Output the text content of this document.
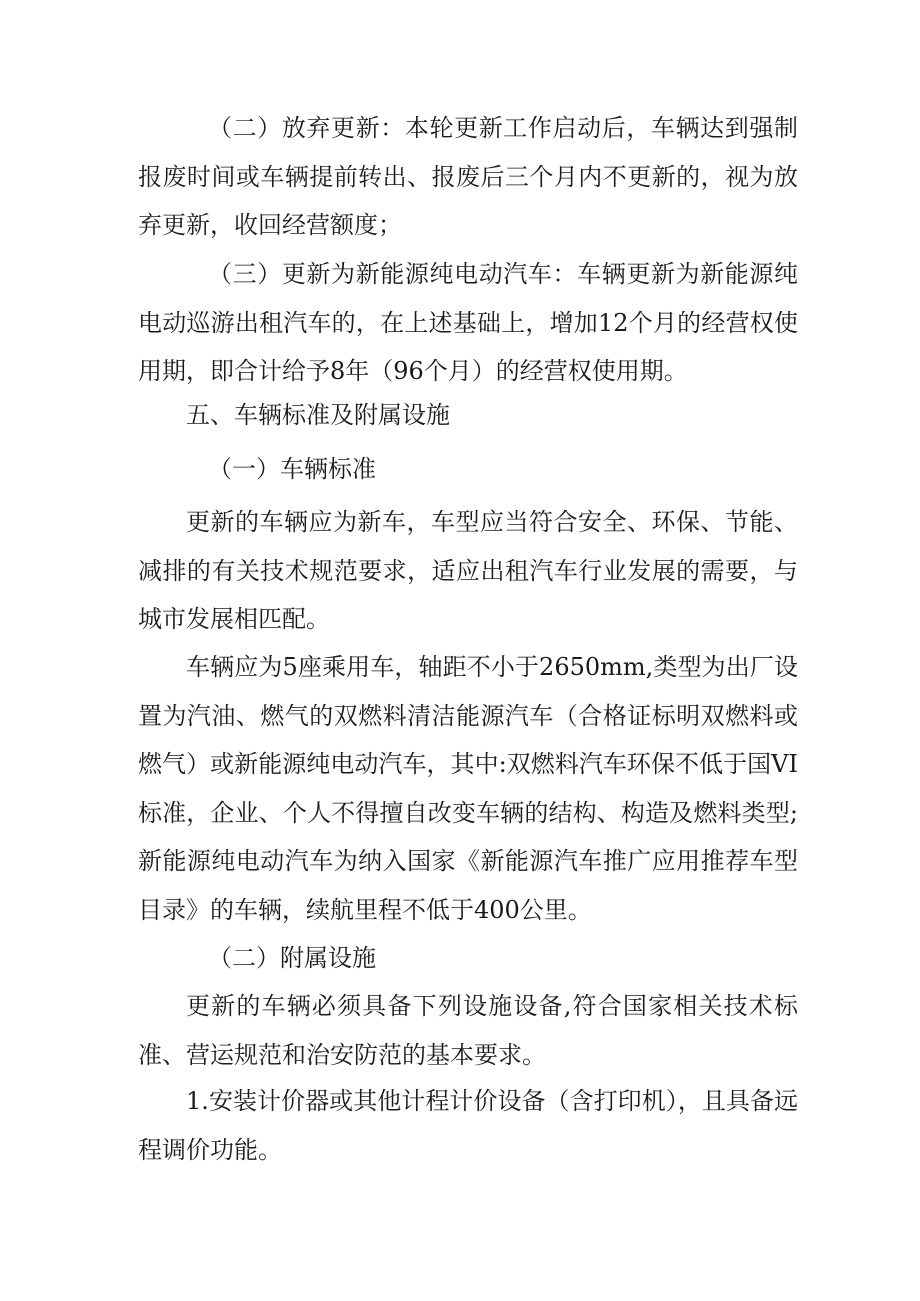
（二）放弃更新：本轮更新工作启动后，车辆达到强制报废时间或车辆提前转出、报废后三个月内不更新的，视为放弃更新，收回经营额度；

（三）更新为新能源纯电动汽车：车辆更新为新能源纯电动巡游出租汽车的，在上述基础上，增加12个月的经营权使用期，即合计给予8年（96个月）的经营权使用期。

五、车辆标准及附属设施

（一）车辆标准

更新的车辆应为新车，车型应当符合安全、环保、节能、减排的有关技术规范要求，适应出租汽车行业发展的需要，与城市发展相匹配。

车辆应为5座乘用车，轴距不小于2650mm,类型为出厂设置为汽油、燃气的双燃料清洁能源汽车（合格证标明双燃料或燃气）或新能源纯电动汽车，其中:双燃料汽车环保不低于国VI标准，企业、个人不得擅自改变车辆的结构、构造及燃料类型;新能源纯电动汽车为纳入国家《新能源汽车推广应用推荐车型目录》的车辆，续航里程不低于400公里。

（二）附属设施

更新的车辆必须具备下列设施设备,符合国家相关技术标准、营运规范和治安防范的基本要求。

1.安装计价器或其他计程计价设备（含打印机），且具备远程调价功能。
